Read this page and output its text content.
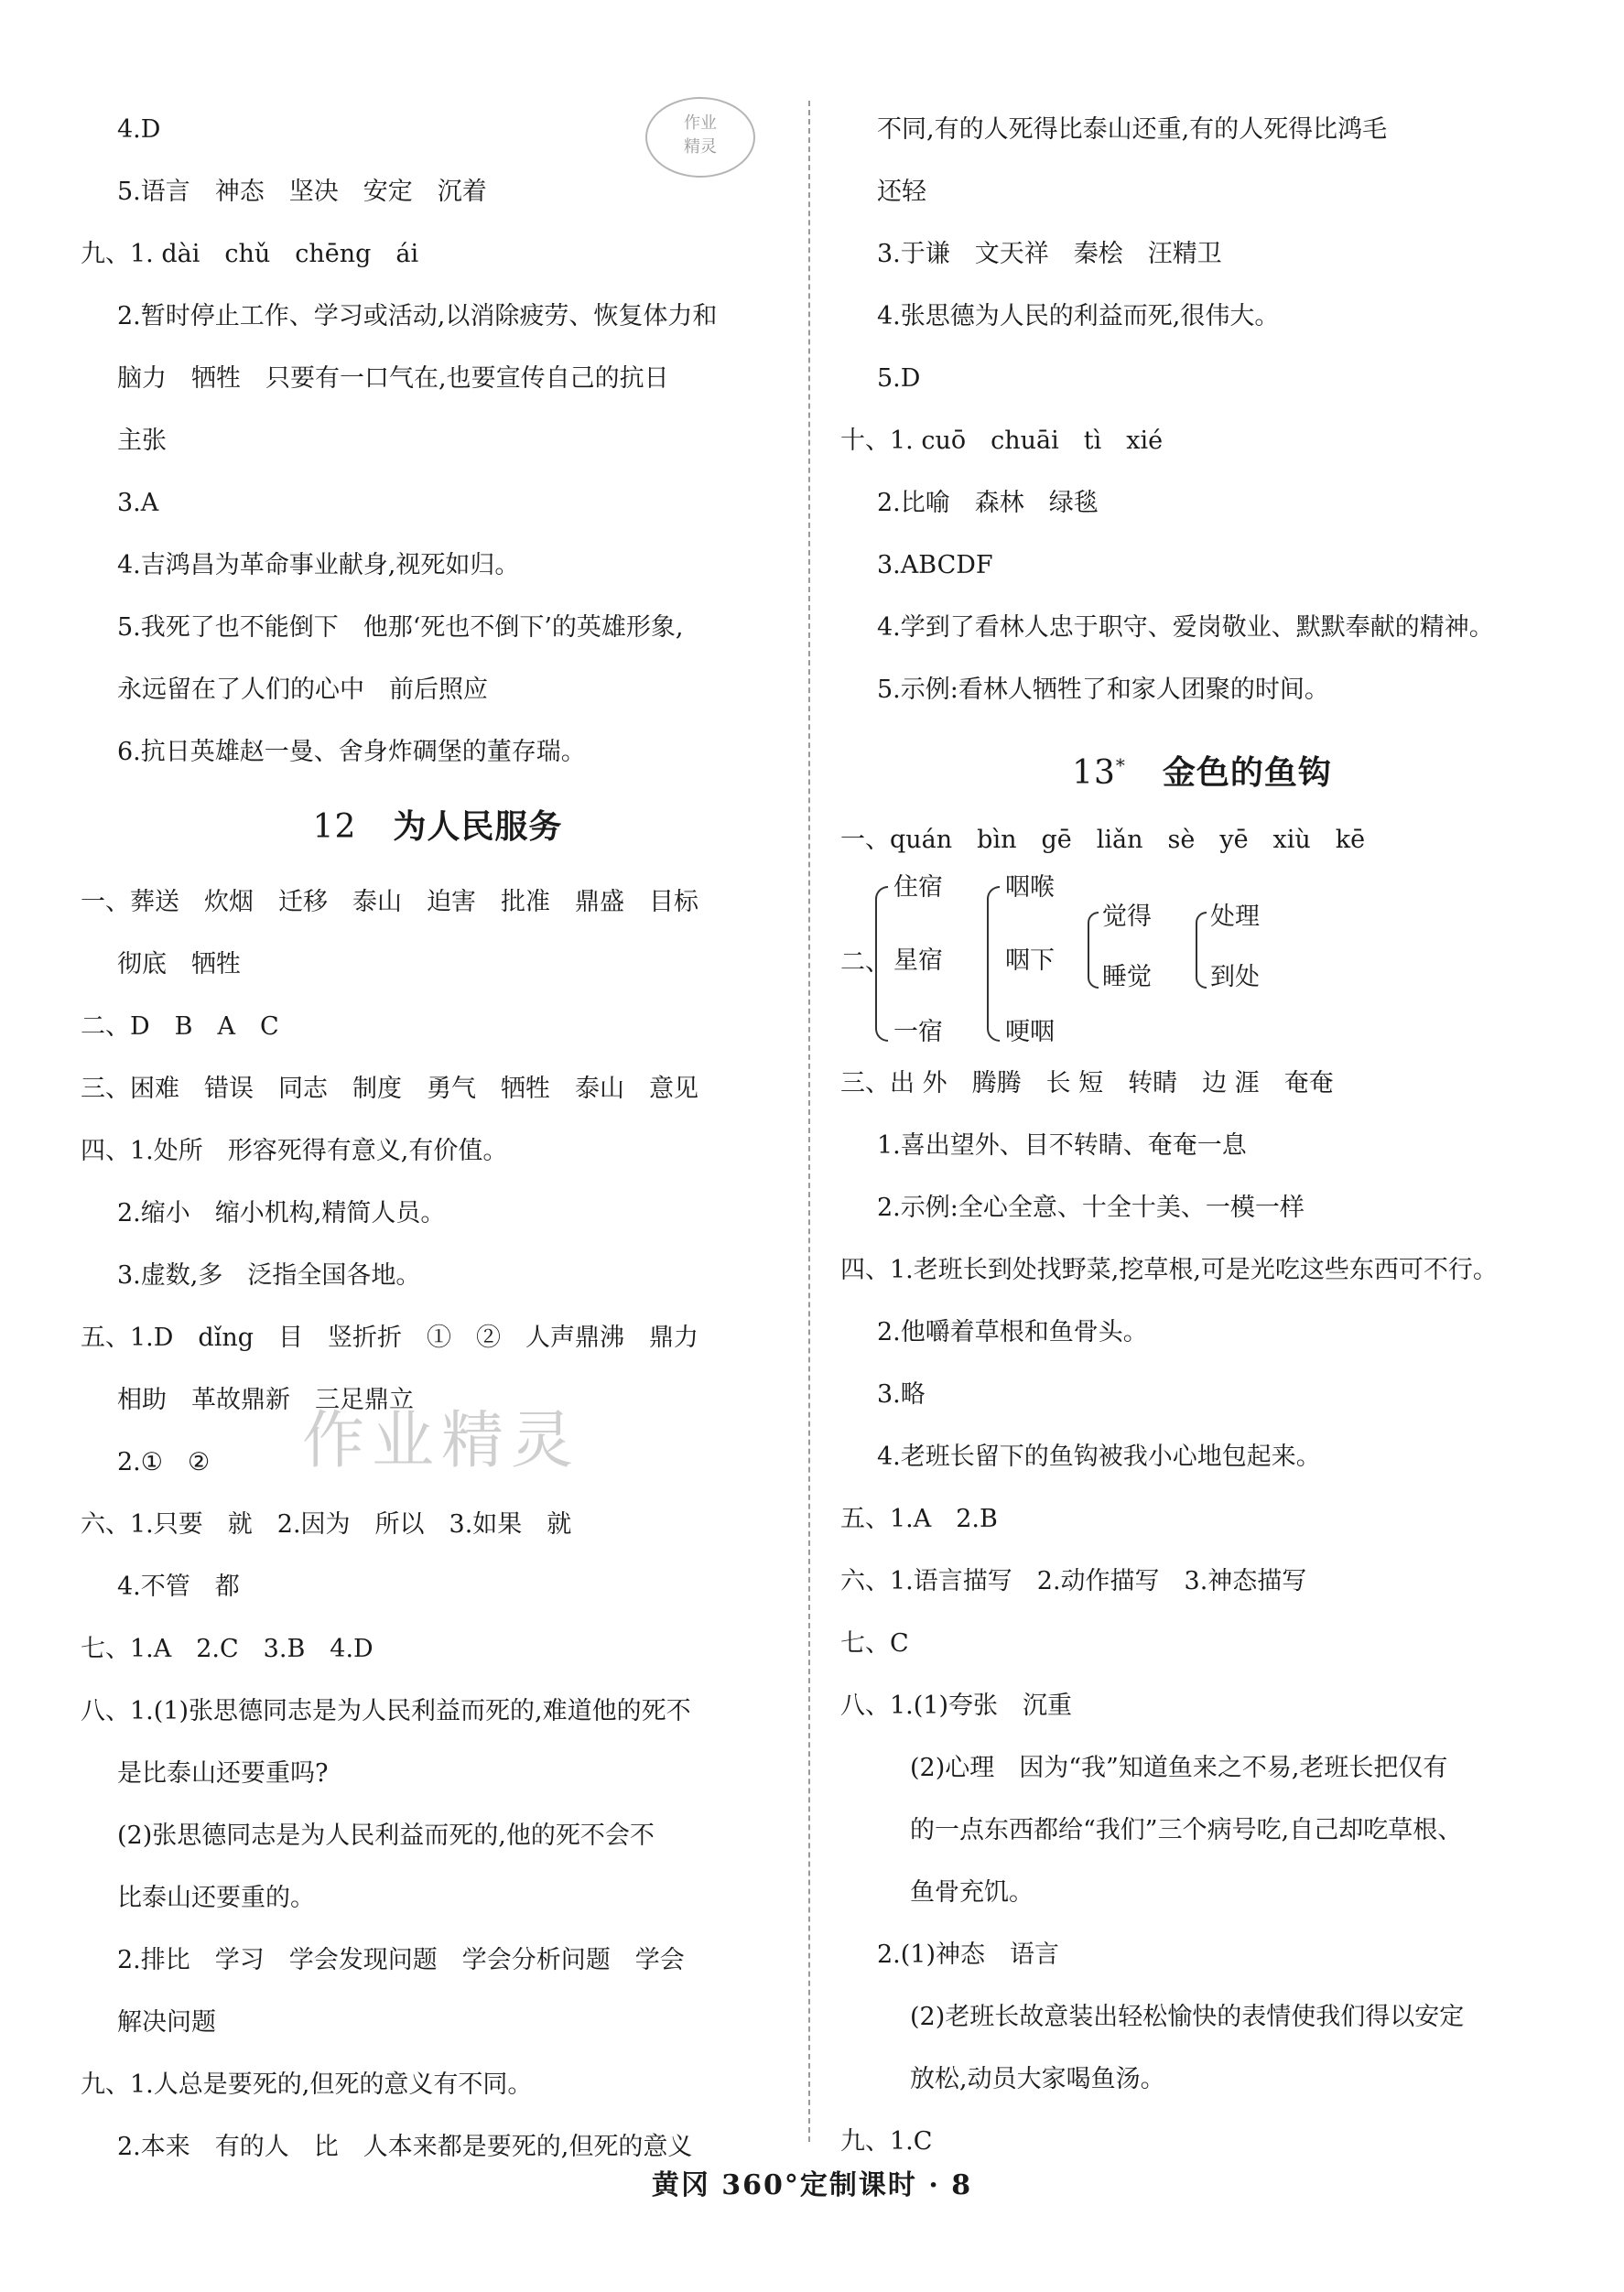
作业
精灵
作业精灵
4.D
5.语言　神态　坚决　安定　沉着
九、1. dài　chǔ　chēng　ái
2.暂时停止工作、学习或活动,以消除疲劳、恢复体力和
脑力　牺牲　只要有一口气在,也要宣传自己的抗日
主张
3.A
4.吉鸿昌为革命事业献身,视死如归。
5.我死了也不能倒下　他那‘死也不倒下’的英雄形象,
永远留在了人们的心中　前后照应
6.抗日英雄赵一曼、舍身炸碉堡的董存瑞。
12 为人民服务
一、葬送　炊烟　迁移　泰山　迫害　批准　鼎盛　目标
彻底　牺牲
二、D　B　A　C
三、困难　错误　同志　制度　勇气　牺牲　泰山　意见
四、1.处所　形容死得有意义,有价值。
2.缩小　缩小机构,精简人员。
3.虚数,多　泛指全国各地。
五、1.D　dǐng　目　竖折折　①　②　人声鼎沸　鼎力
相助　革故鼎新　三足鼎立
2.①　②
六、1.只要　就　2.因为　所以　3.如果　就
4.不管　都
七、1.A　2.C　3.B　4.D
八、1.(1)张思德同志是为人民利益而死的,难道他的死不
是比泰山还要重吗?
(2)张思德同志是为人民利益而死的,他的死不会不
比泰山还要重的。
2.排比　学习　学会发现问题　学会分析问题　学会
解决问题
九、1.人总是要死的,但死的意义有不同。
2.本来　有的人　比　人本来都是要死的,但死的意义
不同,有的人死得比泰山还重,有的人死得比鸿毛
还轻
3.于谦　文天祥　秦桧　汪精卫
4.张思德为人民的利益而死,很伟大。
5.D
十、1. cuō　chuāi　tì　xié
2.比喻　森林　绿毯
3.ABCDF
4.学到了看林人忠于职守、爱岗敬业、默默奉献的精神。
5.示例:看林人牺牲了和家人团聚的时间。
13* 金色的鱼钩
一、quán　bìn　gē　liǎn　sè　yē　xiù　kē
二、
住宿
星宿
一宿
咽喉
咽下
哽咽
觉得
睡觉
处理
到处
三、出 外　腾腾　长 短　转睛　边 涯　奄奄
1.喜出望外、目不转睛、奄奄一息
2.示例:全心全意、十全十美、一模一样
四、1.老班长到处找野菜,挖草根,可是光吃这些东西可不行。
2.他嚼着草根和鱼骨头。
3.略
4.老班长留下的鱼钩被我小心地包起来。
五、1.A　2.B
六、1.语言描写　2.动作描写　3.神态描写
七、C
八、1.(1)夸张　沉重
(2)心理　因为“我”知道鱼来之不易,老班长把仅有
的一点东西都给“我们”三个病号吃,自己却吃草根、
鱼骨充饥。
2.(1)神态　语言
(2)老班长故意装出轻松愉快的表情使我们得以安定
放松,动员大家喝鱼汤。
九、1.C
黄冈 360°定制课时 · 8
